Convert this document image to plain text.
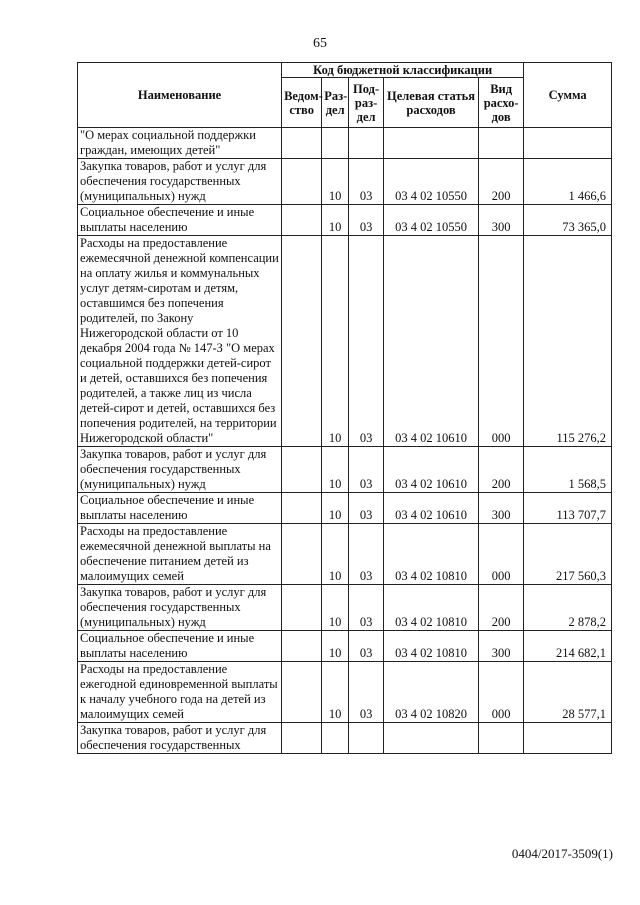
65
Наименование	Код бюджетной классификации					Сумма
	Ведом-ство	Раз-дел	Под-раз-дел	Целевая статья расходов	Вид расхо-дов	
"О мерах социальной поддержки граждан, имеющих детей"						
Закупка товаров, работ и услуг для обеспечения государственных (муниципальных) нужд		10	03	03 4 02 10550	200	1 466,6
Социальное обеспечение и иные выплаты населению		10	03	03 4 02 10550	300	73 365,0
Расходы на предоставление ежемесячной денежной компенсации на оплату жилья и коммунальных услуг детям-сиротам и детям, оставшимся без попечения родителей, по Закону Нижегородской области от 10 декабря 2004 года № 147-З "О мерах социальной поддержки детей-сирот и детей, оставшихся без попечения родителей, а также лиц из числа детей-сирот и детей, оставшихся без попечения родителей, на территории Нижегородской области"		10	03	03 4 02 10610	000	115 276,2
Закупка товаров, работ и услуг для обеспечения государственных (муниципальных) нужд		10	03	03 4 02 10610	200	1 568,5
Социальное обеспечение и иные выплаты населению		10	03	03 4 02 10610	300	113 707,7
Расходы на предоставление ежемесячной денежной выплаты на обеспечение питанием детей из малоимущих семей		10	03	03 4 02 10810	000	217 560,3
Закупка товаров, работ и услуг для обеспечения государственных (муниципальных) нужд		10	03	03 4 02 10810	200	2 878,2
Социальное обеспечение и иные выплаты населению		10	03	03 4 02 10810	300	214 682,1
Расходы на предоставление ежегодной единовременной выплаты к началу учебного года на детей из малоимущих семей		10	03	03 4 02 10820	000	28 577,1
Закупка товаров, работ и услуг для обеспечения государственных						
0404/2017-3509(1)
